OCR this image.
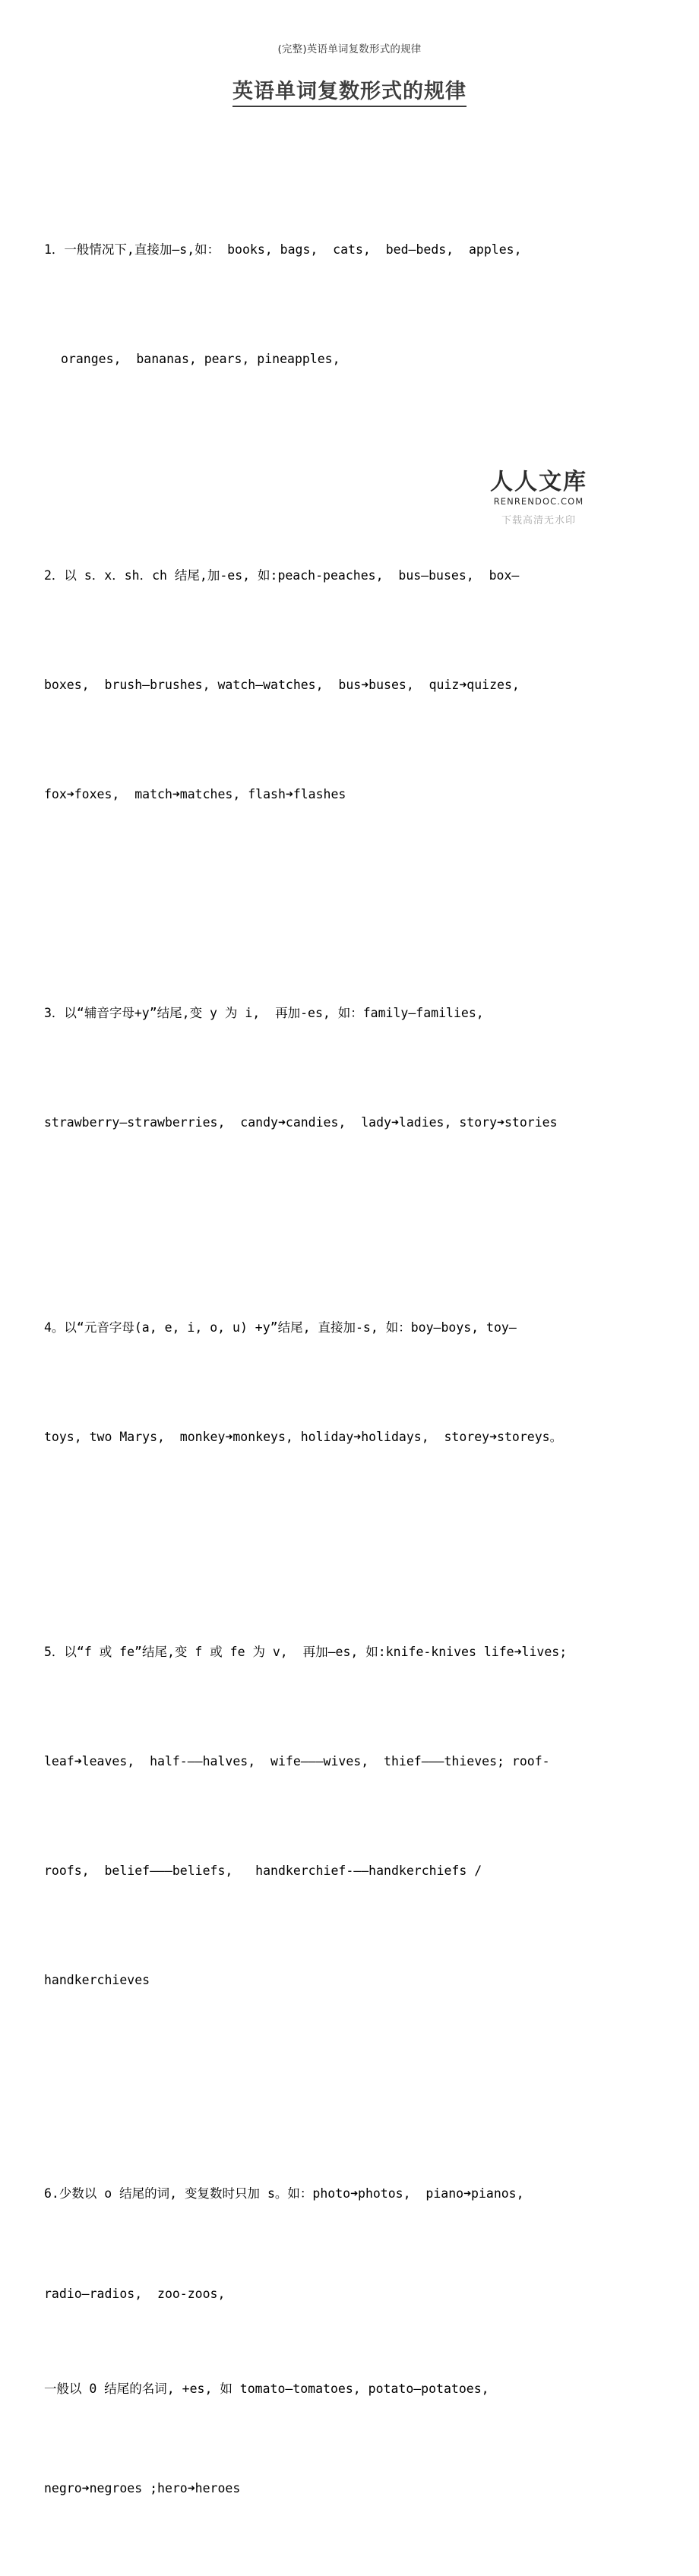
(完整)英语单词复数形式的规律
英语单词复数形式的规律

1．一般情况下,直接加—s,如： books, bags,  cats,  bed—beds,  apples,

oranges,  bananas, pears, pineapples,

2．以 s．x．sh．ch 结尾,加-es, 如:peach-peaches,  bus—buses,  box—

boxes,  brush—brushes, watch—watches,  bus➜buses,  quiz➜quizes,

fox➜foxes,  match➜matches, flash➜flashes

3．以“辅音字母+y”结尾,变 y 为 i,  再加-es, 如：family—families,

strawberry—strawberries,  candy➜candies,  lady➜ladies, story➜stories

4。以“元音字母(a, e, i, o, u) +y”结尾, 直接加-s, 如：boy—boys, toy—

toys, two Marys,  monkey➜monkeys, holiday➜holidays,  storey➜storeys。

5．以“f 或 fe”结尾,变 f 或 fe 为 v,  再加—es, 如:knife-knives life➜lives;

leaf➜leaves,  half-——halves,  wife———wives,  thief———thieves; roof-

roofs,  belief———beliefs,   handkerchief-——handkerchiefs /

handkerchieves

6.少数以 o 结尾的词, 变复数时只加 s。如：photo➜photos,  piano➜pianos,

radio—radios,  zoo-zoos,

一般以 0 结尾的名词, +es, 如 tomato—tomatoes, potato—potatoes,

negro➜negroes ;hero➜heroes

人人文库
RENRENDOC.COM
下载高清无水印
